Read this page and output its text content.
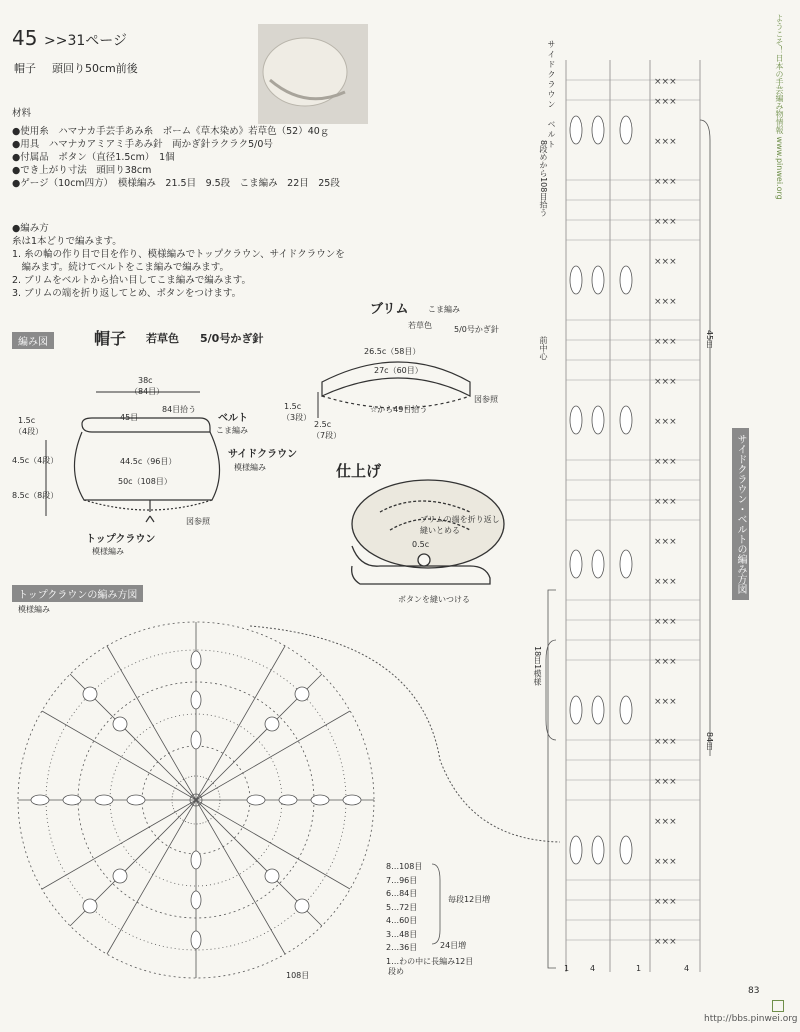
×××
×××
×××
×××
×××
×××
×××
×××
×××
×××
×××
×××
×××
×××
×××
×××
×××
×××
×××
×××
×××
×××
×××
45 >>31ページ
帽子 頭回り50cm前後
材料
●使用糸　ハマナカ手芸手あみ糸　ボーム《草木染め》若草色（52）40ｇ
●用具　ハマナカアミアミ手あみ針　両かぎ針ラクラク5/0号
●付属品　ボタン（直径1.5cm）　1個
●でき上がり寸法　頭回り38cm
●ゲージ（10cm四方）　模様編み　21.5目　9.5段　こま編み　22目　25段
●編み方
糸は1本どりで編みます。
1. 糸の輪の作り目で目を作り、模様編みでトップクラウン、サイドクラウンを
　編みます。続けてベルトをこま編みで編みます。
2. ブリムをベルトから拾い目してこま編みで編みます。
3. ブリムの端を折り返してとめ、ボタンをつけます。
編み図	帽子 若草色 5/0号かぎ針
38c
（84目）
45目
84目拾う
ベルト
こま編み
サイドクラウン
模様編み
44.5c（96目）
50c（108目）
1.5c
（4段）
4.5c（4段）
8.5c（8段）
トップクラウン
模様編み
図参照
ブリム こま編み
若草色	5/0号かぎ針
26.5c（58目）
27c（60目）
1.5c
（3段）
2.5c
（7段）
☆から49目拾う
図参照
仕上げ
ブリムの端を折り返し縫いとめる
0.5c
ボタンを縫いつける
トップクラウンの編み方図
模様編み
108目
8…108目
7…96目
6…84目
5…72目
4…60目
3…48目
2…36目
1…わの中に長編み12目
毎段12目増
24目増
段め
サイドクラウン　ベルト
8段めから108目拾う
前中心	45目
18目1模様
84目
サイドクラウン・ベルトの編み方図
1	4	1	4
ようこそ！日本の手芸編み物情報 www.pinwei.org
83
http://bbs.pinwei.org
